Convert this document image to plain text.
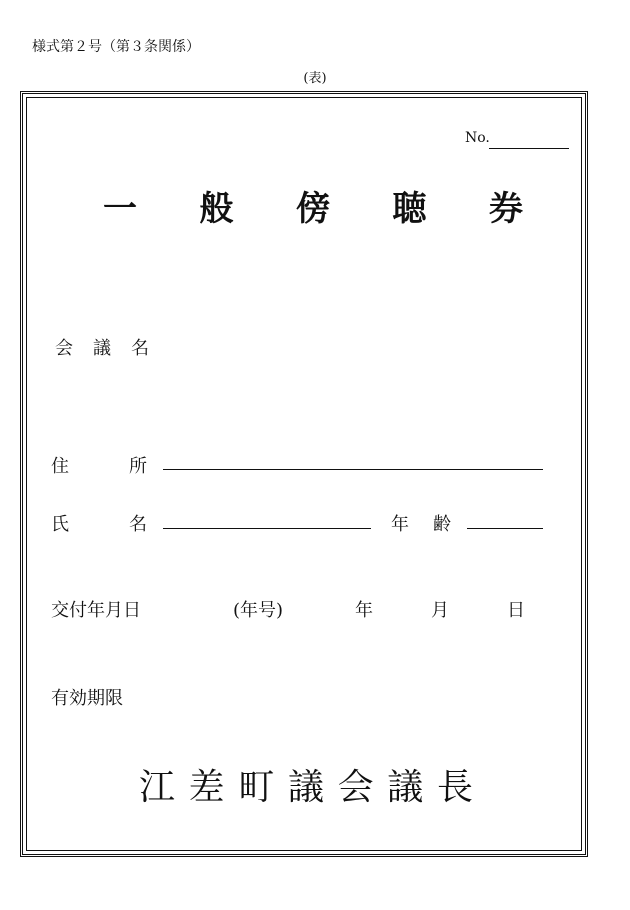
様式第２号（第３条関係）
(表)
No.
一 般 傍 聴 券
会 議 名
住	所
氏	名	年 齢
交付年月日	(年号)	年	月	日
有効期限
江 差 町 議 会 議 長
